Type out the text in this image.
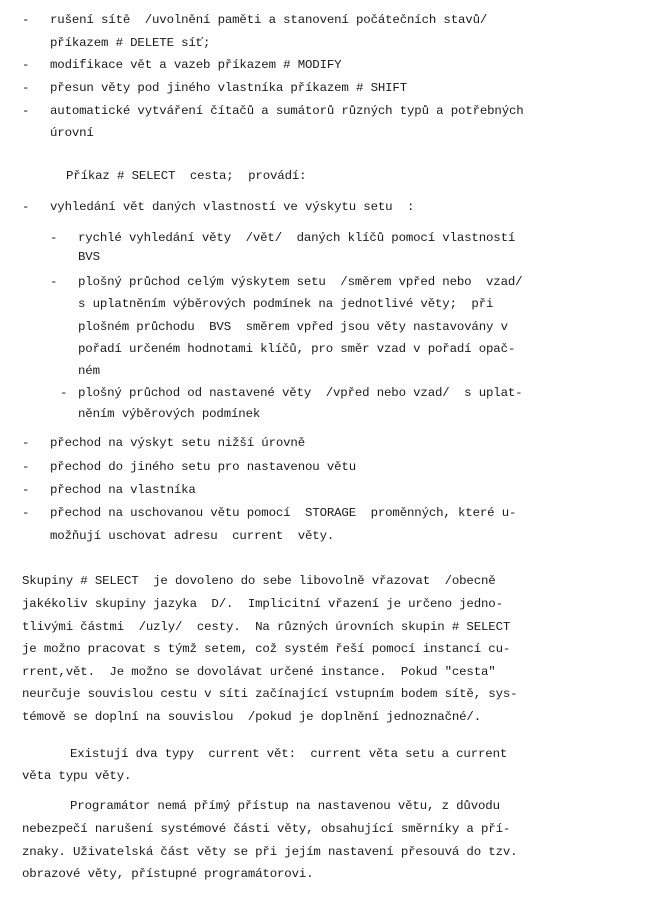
- rušení sítě  /uvolnění paměti a stanovení počátečních stavů/
příkazem # DELETE síť;
- modifikace vět a vazeb příkazem # MODIFY
- přesun věty pod jiného vlastníka příkazem # SHIFT
- automatické vytváření čítačů a sumátorů různých typů a potřebných
úrovní
Příkaz # SELECT  cesta;  provádí:
- vyhledání vět daných vlastností ve výskytu setu  :
- rychlé vyhledání věty  /vět/  daných klíčů pomocí vlastností
BVS
- plošný průchod celým výskytem setu  /směrem vpřed nebo  vzad/
s uplatněním výběrových podmínek na jednotlivé věty;  při
plošném průchodu  BVS  směrem vpřed jsou věty nastavovány v
pořadí určeném hodnotami klíčů, pro směr vzad v pořadí opač-
ném
- plošný průchod od nastavené věty  /vpřed nebo vzad/  s uplat-
něním výběrových podmínek
- přechod na výskyt setu nižší úrovně
- přechod do jiného setu pro nastavenou větu
- přechod na vlastníka
- přechod na uschovanou větu pomocí  STORAGE  proměnných, které u-
možňují uschovat adresu  current  věty.
Skupiny # SELECT  je dovoleno do sebe libovolně vřazovat  /obecně
jakékoliv skupiny jazyka  D/.  Implicitní vřazení je určeno jedno-
tlivými částmi  /uzly/  cesty.  Na různých úrovních skupin # SELECT
je možno pracovat s týmž setem, což systém řeší pomocí instancí cu-
rrent,vět.  Je možno se dovolávat určené instance.  Pokud "cesta"
neurčuje souvislou cestu v síti začínající vstupním bodem sítě, sys-
témově se doplní na souvislou  /pokud je doplnění jednoznačné/.
Existují dva typy  current vět:  current věta setu a current
věta typu věty.
Programátor nemá přímý přístup na nastavenou větu, z důvodu
nebezpečí narušení systémové části věty, obsahující směrníky a pří-
znaky. Uživatelská část věty se při jejím nastavení přesouvá do tzv.
obrazové věty, přístupné programátorovi.
